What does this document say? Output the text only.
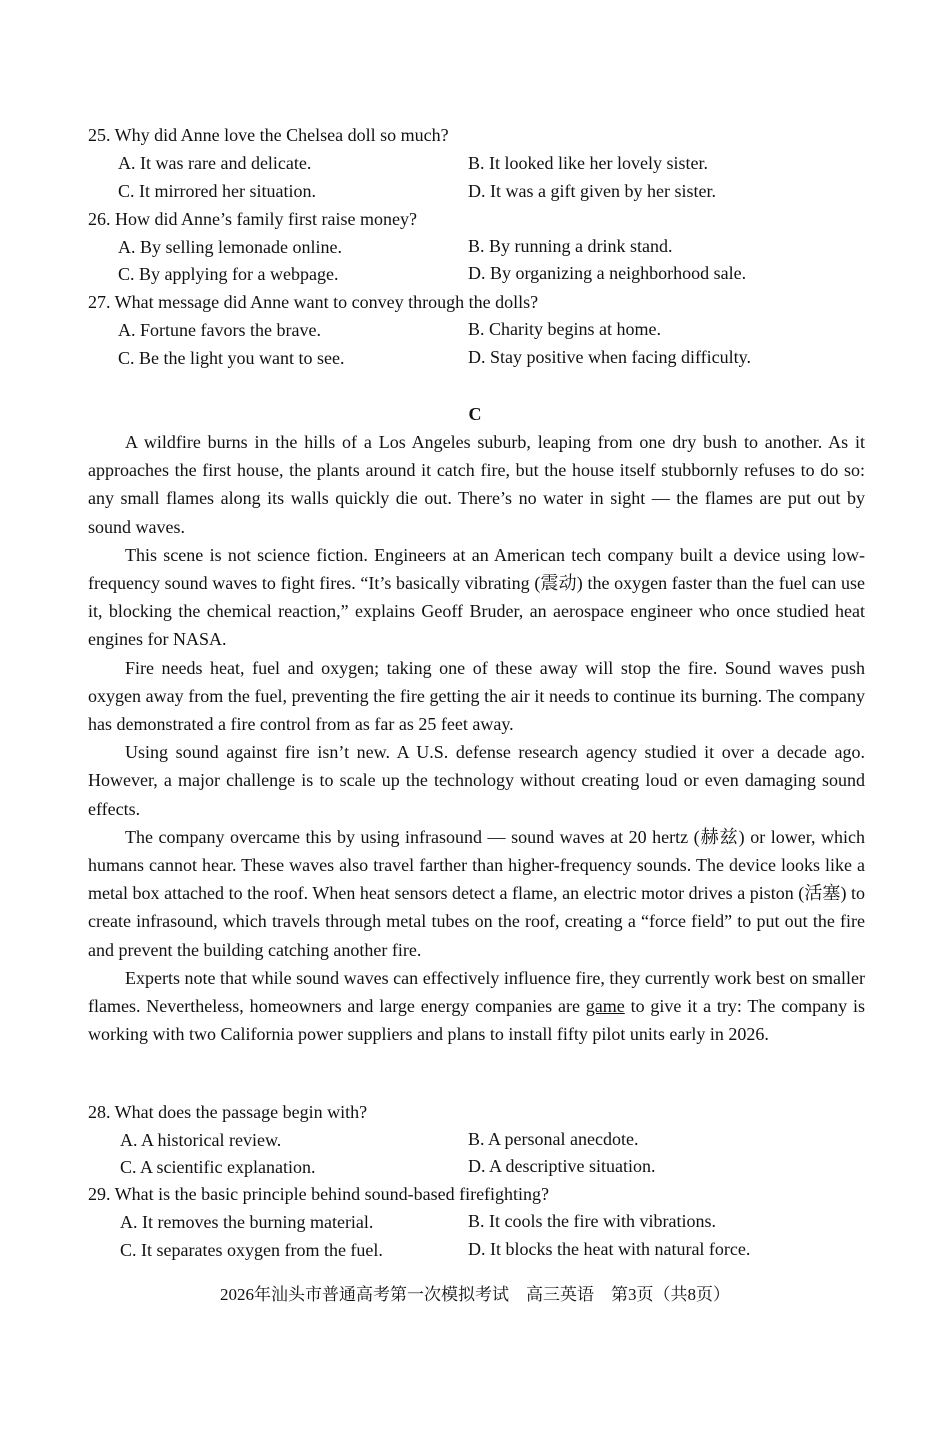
25. Why did Anne love the Chelsea doll so much?
A. It was rare and delicate.	B. It looked like her lovely sister.
C. It mirrored her situation.	D. It was a gift given by her sister.
26. How did Anne’s family first raise money?
A. By selling lemonade online.	B. By running a drink stand.
C. By applying for a webpage.	D. By organizing a neighborhood sale.
27. What message did Anne want to convey through the dolls?
A. Fortune favors the brave.	B. Charity begins at home.
C. Be the light you want to see.	D. Stay positive when facing difficulty.
C

A wildfire burns in the hills of a Los Angeles suburb, leaping from one dry bush to another. As it approaches the first house, the plants around it catch fire, but the house itself stubbornly refuses to do so: any small flames along its walls quickly die out. There’s no water in sight — the flames are put out by sound waves.

This scene is not science fiction. Engineers at an American tech company built a device using low-frequency sound waves to fight fires. “It’s basically vibrating (震动) the oxygen faster than the fuel can use it, blocking the chemical reaction,” explains Geoff Bruder, an aerospace engineer who once studied heat engines for NASA.

Fire needs heat, fuel and oxygen; taking one of these away will stop the fire. Sound waves push oxygen away from the fuel, preventing the fire getting the air it needs to continue its burning. The company has demonstrated a fire control from as far as 25 feet away.

Using sound against fire isn’t new. A U.S. defense research agency studied it over a decade ago. However, a major challenge is to scale up the technology without creating loud or even damaging sound effects.

The company overcame this by using infrasound — sound waves at 20 hertz (赫兹) or lower, which humans cannot hear. These waves also travel farther than higher-frequency sounds. The device looks like a metal box attached to the roof. When heat sensors detect a flame, an electric motor drives a piston (活塞) to create infrasound, which travels through metal tubes on the roof, creating a “force field” to put out the fire and prevent the building catching another fire.

Experts note that while sound waves can effectively influence fire, they currently work best on smaller flames. Nevertheless, homeowners and large energy companies are game to give it a try: The company is working with two California power suppliers and plans to install fifty pilot units early in 2026.

28. What does the passage begin with?
A. A historical review.	B. A personal anecdote.
C. A scientific explanation.	D. A descriptive situation.
29. What is the basic principle behind sound-based firefighting?
A. It removes the burning material.	B. It cools the fire with vibrations.
C. It separates oxygen from the fuel.	D. It blocks the heat with natural force.
2026年汕头市普通高考第一次模拟考试　高三英语　第3页（共8页）
